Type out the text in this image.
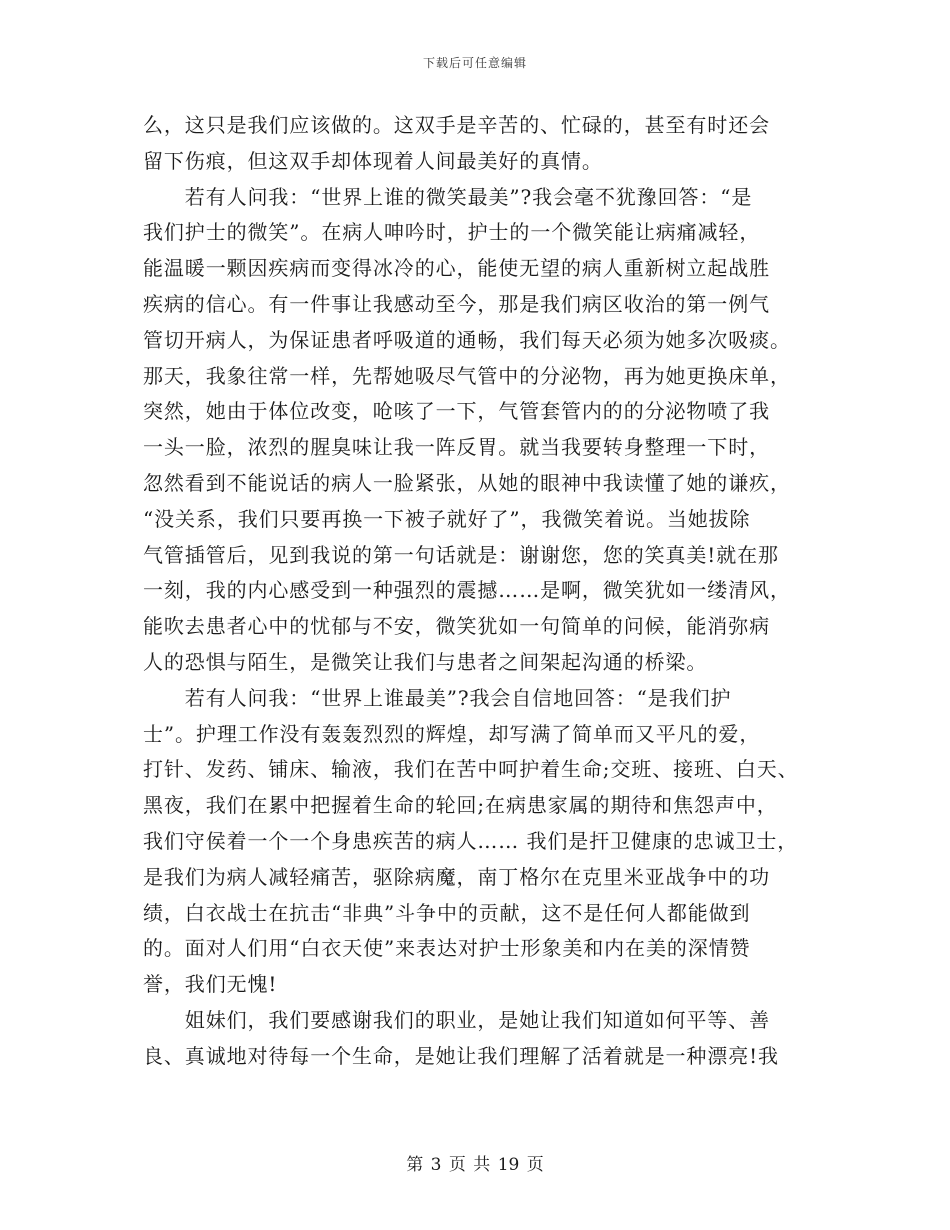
下载后可任意编辑
么，这只是我们应该做的。这双手是辛苦的、忙碌的，甚至有时还会
留下伤痕，但这双手却体现着人间最美好的真情。
　　若有人问我：“世界上谁的微笑最美”?我会毫不犹豫回答：“是
我们护士的微笑”。在病人呻吟时，护士的一个微笑能让病痛减轻，
能温暖一颗因疾病而变得冰冷的心，能使无望的病人重新树立起战胜
疾病的信心。有一件事让我感动至今，那是我们病区收治的第一例气
管切开病人，为保证患者呼吸道的通畅，我们每天必须为她多次吸痰。
那天，我象往常一样，先帮她吸尽气管中的分泌物，再为她更换床单，
突然，她由于体位改变，呛咳了一下，气管套管内的的分泌物喷了我
一头一脸，浓烈的腥臭味让我一阵反胃。就当我要转身整理一下时，
忽然看到不能说话的病人一脸紧张，从她的眼神中我读懂了她的谦疚，
“没关系，我们只要再换一下被子就好了”，我微笑着说。当她拔除
气管插管后，见到我说的第一句话就是：谢谢您，您的笑真美!就在那
一刻，我的内心感受到一种强烈的震撼……是啊，微笑犹如一缕清风，
能吹去患者心中的忧郁与不安，微笑犹如一句简单的问候，能消弥病
人的恐惧与陌生，是微笑让我们与患者之间架起沟通的桥梁。
　　若有人问我：“世界上谁最美”?我会自信地回答：“是我们护
士”。护理工作没有轰轰烈烈的辉煌，却写满了简单而又平凡的爱，
打针、发药、铺床、输液，我们在苦中呵护着生命;交班、接班、白天、
黑夜，我们在累中把握着生命的轮回;在病患家属的期待和焦怨声中，
我们守侯着一个一个身患疾苦的病人…… 我们是扞卫健康的忠诚卫士，
是我们为病人减轻痛苦，驱除病魔，南丁格尔在克里米亚战争中的功
绩，白衣战士在抗击“非典”斗争中的贡献，这不是任何人都能做到
的。面对人们用“白衣天使”来表达对护士形象美和内在美的深情赞
誉，我们无愧!
　　姐妹们，我们要感谢我们的职业，是她让我们知道如何平等、善
良、真诚地对待每一个生命，是她让我们理解了活着就是一种漂亮!我
第 3 页 共 19 页
